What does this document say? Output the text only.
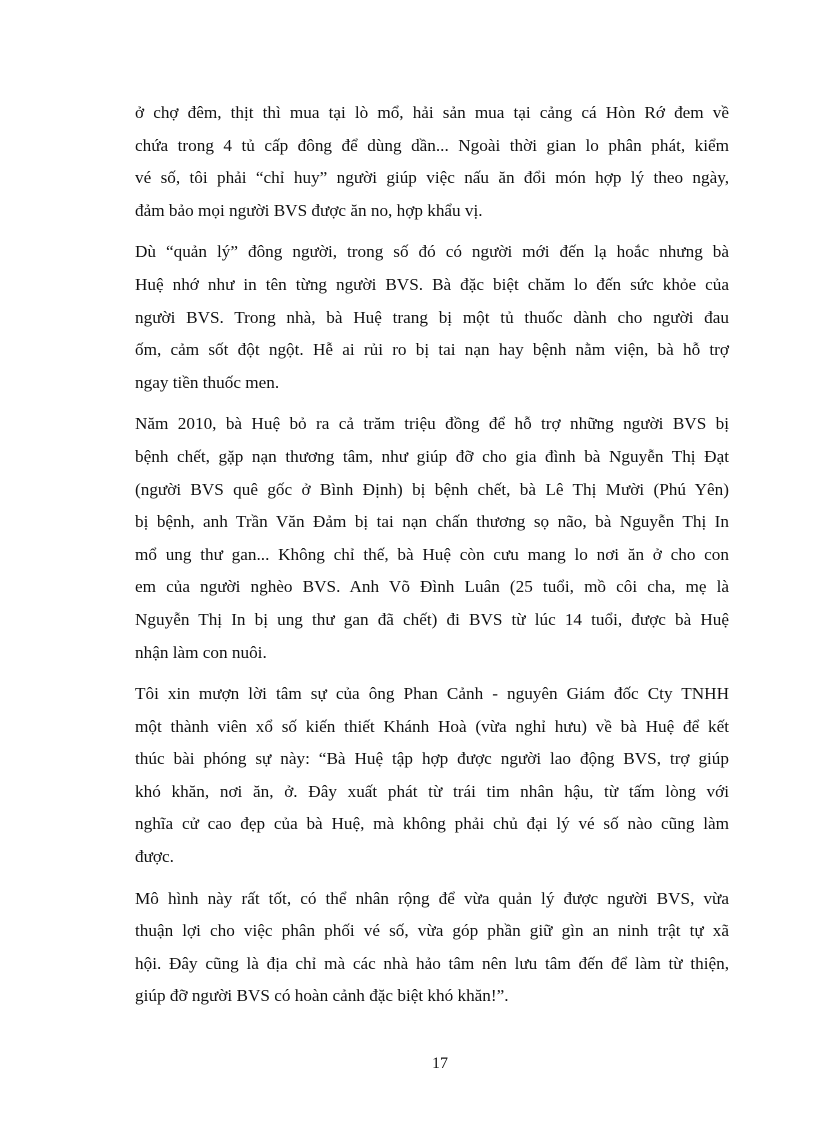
ở chợ đêm, thịt thì mua tại lò mổ, hải sản mua tại cảng cá Hòn Rớ đem về
chứa trong 4 tủ cấp đông để dùng dần... Ngoài thời gian lo phân phát, kiểm
vé số, tôi phải “chỉ huy” người giúp việc nấu ăn đổi món hợp lý theo ngày,
đảm bảo mọi người BVS được ăn no, hợp khẩu vị.

Dù “quản lý” đông người, trong số đó có người mới đến lạ hoắc nhưng bà
Huệ nhớ như in tên từng người BVS. Bà đặc biệt chăm lo đến sức khỏe của
người BVS. Trong nhà, bà Huệ trang bị một tủ thuốc dành cho người đau
ốm, cảm sốt đột ngột. Hễ ai rủi ro bị tai nạn hay bệnh nằm viện, bà hỗ trợ
ngay tiền thuốc men.

Năm 2010, bà Huệ bỏ ra cả trăm triệu đồng để hỗ trợ những người BVS bị
bệnh chết, gặp nạn thương tâm, như giúp đỡ cho gia đình bà Nguyễn Thị Đạt
(người BVS quê gốc ở Bình Định) bị bệnh chết, bà Lê Thị Mười (Phú Yên)
bị bệnh, anh Trần Văn Đảm bị tai nạn chấn thương sọ não, bà Nguyễn Thị In
mổ ung thư gan... Không chỉ thế, bà Huệ còn cưu mang lo nơi ăn ở cho con
em của người nghèo BVS. Anh Võ Đình Luân (25 tuổi, mồ côi cha, mẹ là
Nguyễn Thị In bị ung thư gan đã chết) đi BVS từ lúc 14 tuổi, được bà Huệ
nhận làm con nuôi.

Tôi xin mượn lời tâm sự của ông Phan Cảnh - nguyên Giám đốc Cty TNHH
một thành viên xổ số kiến thiết Khánh Hoà (vừa nghỉ hưu) về bà Huệ để kết
thúc bài phóng sự này: “Bà Huệ tập hợp được người lao động BVS, trợ giúp
khó khăn, nơi ăn, ở. Đây xuất phát từ trái tim nhân hậu, từ tấm lòng với
nghĩa cử cao đẹp của bà Huệ, mà không phải chủ đại lý vé số nào cũng làm
được.

Mô hình này rất tốt, có thể nhân rộng để vừa quản lý được người BVS, vừa
thuận lợi cho việc phân phối vé số, vừa góp phần giữ gìn an ninh trật tự xã
hội. Đây cũng là địa chỉ mà các nhà hảo tâm nên lưu tâm đến để làm từ thiện,
giúp đỡ người BVS có hoàn cảnh đặc biệt khó khăn!”.

17
